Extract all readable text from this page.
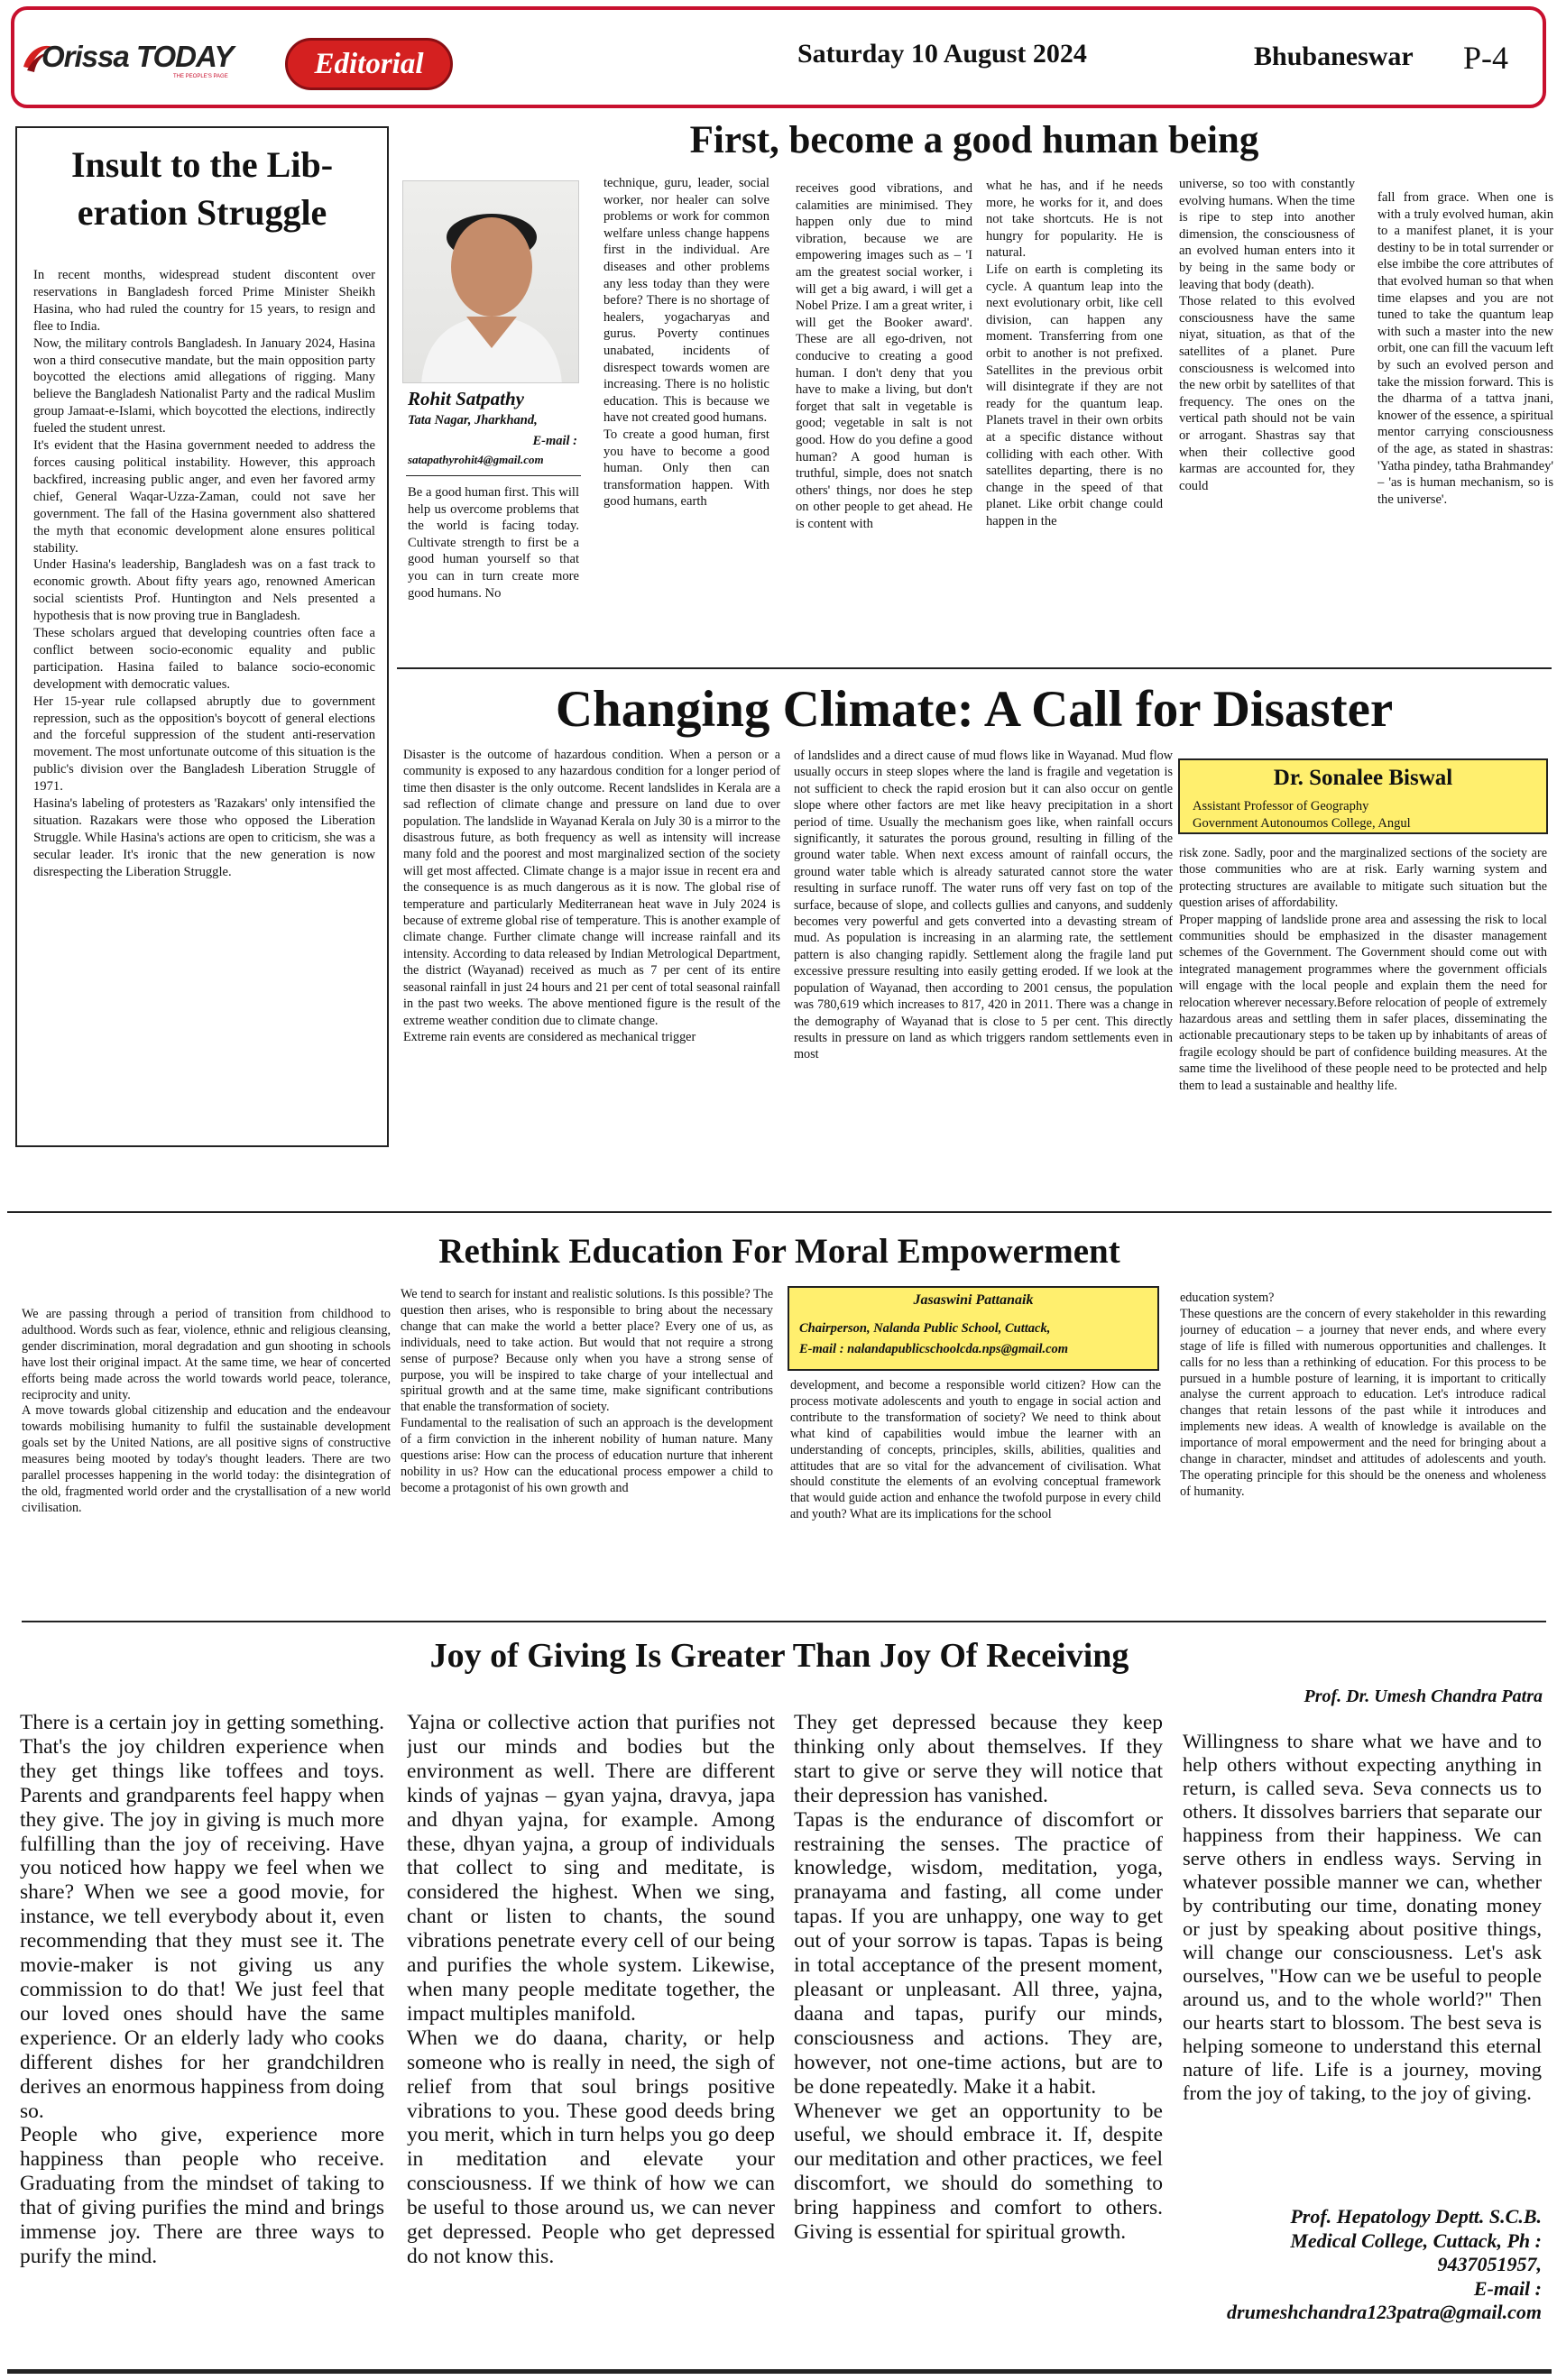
Orissa TODAY
THE PEOPLE'S PAGE	Editorial	Saturday 10 August 2024	Bhubaneswar P-4
Insult to the Lib-
eration Struggle
In recent months, widespread student discontent over reservations in Bangladesh forced Prime Minister Sheikh Hasina, who had ruled the country for 15 years, to resign and flee to India.
Now, the military controls Bangladesh. In January 2024, Hasina won a third consecutive mandate, but the main opposition party boycotted the elections amid allegations of rigging. Many believe the Bangladesh Nationalist Party and the radical Muslim group Jamaat-e-Islami, which boycotted the elections, indirectly fueled the student unrest.
It's evident that the Hasina government needed to address the forces causing political instability. However, this approach backfired, increasing public anger, and even her favored army chief, General Waqar-Uzza-Zaman, could not save her government. The fall of the Hasina government also shattered the myth that economic development alone ensures political stability.
Under Hasina's leadership, Bangladesh was on a fast track to economic growth. About fifty years ago, renowned American social scientists Prof. Huntington and Nels presented a hypothesis that is now proving true in Bangladesh.
These scholars argued that developing countries often face a conflict between socio-economic equality and public participation. Hasina failed to balance socio-economic development with democratic values.
Her 15-year rule collapsed abruptly due to government repression, such as the opposition's boycott of general elections and the forceful suppression of the student anti-reservation movement. The most unfortunate outcome of this situation is the public's division over the Bangladesh Liberation Struggle of 1971.
Hasina's labeling of protesters as 'Razakars' only intensified the situation. Razakars were those who opposed the Liberation Struggle. While Hasina's actions are open to criticism, she was a secular leader. It's ironic that the new generation is now disrespecting the Liberation Struggle.
First, become a good human being
Rohit Satpathy
Tata Nagar, Jharkhand,
E-mail :
satapathyrohit4@gmail.com
Be a good human first. This will help us overcome problems that the world is facing today. Cultivate strength to first be a good human yourself so that you can in turn create more good humans. No
technique, guru, leader, social worker, nor healer can solve problems or work for common welfare unless change happens first in the individual. Are diseases and other problems any less today than they were before? There is no shortage of healers, yogacharyas and gurus. Poverty continues unabated, incidents of disrespect towards women are increasing. There is no holistic education. This is because we have not created good humans.
To create a good human, first you have to become a good human. Only then can transformation happen. With good humans, earth
receives good vibrations, and calamities are minimised. They happen only due to mind vibration, because we are empowering images such as – 'I am the greatest social worker, i will get a big award, i will get a Nobel Prize. I am a great writer, i will get the Booker award'. These are all ego-driven, not conducive to creating a good human. I don't deny that you have to make a living, but don't forget that salt in vegetable is good; vegetable in salt is not good. How do you define a good human? A good human is truthful, simple, does not snatch others' things, nor does he step on other people to get ahead. He is content with
what he has, and if he needs more, he works for it, and does not take shortcuts. He is not hungry for popularity. He is natural.
Life on earth is completing its cycle. A quantum leap into the next evolutionary orbit, like cell division, can happen any moment. Transferring from one orbit to another is not prefixed. Satellites in the previous orbit will disintegrate if they are not ready for the quantum leap. Planets travel in their own orbits at a specific distance without colliding with each other. With satellites departing, there is no change in the speed of that planet. Like orbit change could happen in the
universe, so too with constantly evolving humans. When the time is ripe to step into another dimension, the consciousness of an evolved human enters into it by being in the same body or leaving that body (death).
Those related to this evolved consciousness have the same niyat, situation, as that of the satellites of a planet. Pure consciousness is welcomed into the new orbit by satellites of that frequency. The ones on the vertical path should not be vain or arrogant. Shastras say that when their collective good karmas are accounted for, they could
fall from grace. When one is with a truly evolved human, akin to a manifest planet, it is your destiny to be in total surrender or else imbibe the core attributes of that evolved human so that when time elapses and you are not tuned to take the quantum leap with such a master into the new orbit, one can fill the vacuum left by such an evolved person and take the mission forward. This is the dharma of a tattva jnani, knower of the essence, a spiritual mentor carrying consciousness of the age, as stated in shastras: 'Yatha pindey, tatha Brahmandey' – 'as is human mechanism, so is the universe'.
Changing Climate: A Call for Disaster
Disaster is the outcome of hazardous condition. When a person or a community is exposed to any hazardous condition for a longer period of time then disaster is the only outcome. Recent landslides in Kerala are a sad reflection of climate change and pressure on land due to over population. The landslide in Wayanad Kerala on July 30 is a mirror to the disastrous future, as both frequency as well as intensity will increase many fold and the poorest and most marginalized section of the society will get most affected. Climate change is a major issue in recent era and the consequence is as much dangerous as it is now. The global rise of temperature and particularly Mediterranean heat wave in July 2024 is because of extreme global rise of temperature. This is another example of climate change. Further climate change will increase rainfall and its intensity. According to data released by Indian Metrological Department, the district (Wayanad) received as much as 7 per cent of its entire seasonal rainfall in just 24 hours and 21 per cent of total seasonal rainfall in the past two weeks. The above mentioned figure is the result of the extreme weather condition due to climate change.
Extreme rain events are considered as mechanical trigger
of landslides and a direct cause of mud flows like in Wayanad. Mud flow usually occurs in steep slopes where the land is fragile and vegetation is not sufficient to check the rapid erosion but it can also occur on gentle slope where other factors are met like heavy precipitation in a short period of time. Usually the mechanism goes like, when rainfall occurs significantly, it saturates the porous ground, resulting in filling of the ground water table. When next excess amount of rainfall occurs, the ground water table which is already saturated cannot store the water resulting in surface runoff. The water runs off very fast on top of the surface, because of slope, and collects gullies and canyons, and suddenly becomes very powerful and gets converted into a devasting stream of mud. As population is increasing in an alarming rate, the settlement pattern is also changing rapidly. Settlement along the fragile land put excessive pressure resulting into easily getting eroded. If we look at the population of Wayanad, then according to 2001 census, the population was 780,619 which increases to 817, 420 in 2011. There was a change in the demography of Wayanad that is close to 5 per cent. This directly results in pressure on land as which triggers random settlements even in most
Dr. Sonalee Biswal
Assistant Professor of Geography
Government Autonoumos College, Angul
risk zone. Sadly, poor and the marginalized sections of the society are those communities who are at risk. Early warning system and protecting structures are available to mitigate such situation but the question arises of affordability.
Proper mapping of landslide prone area and assessing the risk to local communities should be emphasized in the disaster management schemes of the Government. The Government should come out with integrated management programmes where the government officials will engage with the local people and explain them the need for relocation wherever necessary.Before relocation of people of extremely hazardous areas and settling them in safer places, disseminating the actionable precautionary steps to be taken up by inhabitants of areas of fragile ecology should be part of confidence building measures. At the same time the livelihood of these people need to be protected and help them to lead a sustainable and healthy life.
Rethink Education For Moral Empowerment
We are passing through a period of transition from childhood to adulthood. Words such as fear, violence, ethnic and religious cleansing, gender discrimination, moral degradation and gun shooting in schools have lost their original impact. At the same time, we hear of concerted efforts being made across the world towards world peace, tolerance, reciprocity and unity.
A move towards global citizenship and education and the endeavour towards mobilising humanity to fulfil the sustainable development goals set by the United Nations, are all positive signs of constructive measures being mooted by today's thought leaders. There are two parallel processes happening in the world today: the disintegration of the old, fragmented world order and the crystallisation of a new world civilisation.
We tend to search for instant and realistic solutions. Is this possible? The question then arises, who is responsible to bring about the necessary change that can make the world a better place? Every one of us, as individuals, need to take action. But would that not require a strong sense of purpose? Because only when you have a strong sense of purpose, you will be inspired to take charge of your intellectual and spiritual growth and at the same time, make significant contributions that enable the transformation of society.
Fundamental to the realisation of such an approach is the development of a firm conviction in the inherent nobility of human nature. Many questions arise: How can the process of education nurture that inherent nobility in us? How can the educational process empower a child to become a protagonist of his own growth and
Jasaswini Pattanaik
Chairperson, Nalanda Public School, Cuttack,
E-mail : nalandapublicschoolcda.nps@gmail.com
development, and become a responsible world citizen? How can the process motivate adolescents and youth to engage in social action and contribute to the transformation of society? We need to think about what kind of capabilities would imbue the learner with an understanding of concepts, principles, skills, abilities, qualities and attitudes that are so vital for the advancement of civilisation. What should constitute the elements of an evolving conceptual framework that would guide action and enhance the twofold purpose in every child and youth? What are its implications for the school
education system?
These questions are the concern of every stakeholder in this rewarding journey of education – a journey that never ends, and where every stage of life is filled with numerous opportunities and challenges. It calls for no less than a rethinking of education. For this process to be pursued in a humble posture of learning, it is important to critically analyse the current approach to education. Let's introduce radical changes that retain lessons of the past while it introduces and implements new ideas. A wealth of knowledge is available on the importance of moral empowerment and the need for bringing about a change in character, mindset and attitudes of adolescents and youth. The operating principle for this should be the oneness and wholeness of humanity.
Joy of Giving Is Greater Than Joy Of Receiving
Prof. Dr. Umesh Chandra Patra
There is a certain joy in getting something. That's the joy children experience when they get things like toffees and toys. Parents and grandparents feel happy when they give. The joy in giving is much more fulfilling than the joy of receiving. Have you noticed how happy we feel when we share? When we see a good movie, for instance, we tell everybody about it, even recommending that they must see it. The movie-maker is not giving us any commission to do that! We just feel that our loved ones should have the same experience. Or an elderly lady who cooks different dishes for her grandchildren derives an enormous happiness from doing so.
People who give, experience more happiness than people who receive. Graduating from the mindset of taking to that of giving purifies the mind and brings immense joy. There are three ways to purify the mind.
Yajna or collective action that purifies not just our minds and bodies but the environment as well. There are different kinds of yajnas – gyan yajna, dravya, japa and dhyan yajna, for example. Among these, dhyan yajna, a group of individuals that collect to sing and meditate, is considered the highest. When we sing, chant or listen to chants, the sound vibrations penetrate every cell of our being and purifies the whole system. Likewise, when many people meditate together, the impact multiples manifold.
When we do daana, charity, or help someone who is really in need, the sigh of relief from that soul brings positive vibrations to you. These good deeds bring you merit, which in turn helps you go deep in meditation and elevate your consciousness. If we think of how we can be useful to those around us, we can never get depressed. People who get depressed do not know this.
They get depressed because they keep thinking only about themselves. If they start to give or serve they will notice that their depression has vanished.
Tapas is the endurance of discomfort or restraining the senses. The practice of knowledge, wisdom, meditation, yoga, pranayama and fasting, all come under tapas. If you are unhappy, one way to get out of your sorrow is tapas. Tapas is being in total acceptance of the present moment, pleasant or unpleasant. All three, yajna, daana and tapas, purify our minds, consciousness and actions. They are, however, not one-time actions, but are to be done repeatedly. Make it a habit.
Whenever we get an opportunity to be useful, we should embrace it. If, despite our meditation and other practices, we feel discomfort, we should do something to bring happiness and comfort to others. Giving is essential for spiritual growth.
Willingness to share what we have and to help others without expecting anything in return, is called seva. Seva connects us to others. It dissolves barriers that separate our happiness from their happiness. We can serve others in endless ways. Serving in whatever possible manner we can, whether by contributing our time, donating money or just by speaking about positive things, will change our consciousness. Let's ask ourselves, "How can we be useful to people around us, and to the whole world?" Then our hearts start to blossom. The best seva is helping someone to understand this eternal nature of life. Life is a journey, moving from the joy of taking, to the joy of giving.
Prof. Hepatology Deptt. S.C.B.
Medical College, Cuttack, Ph :
9437051957,
E-mail :
drumeshchandra123patra@gmail.com
